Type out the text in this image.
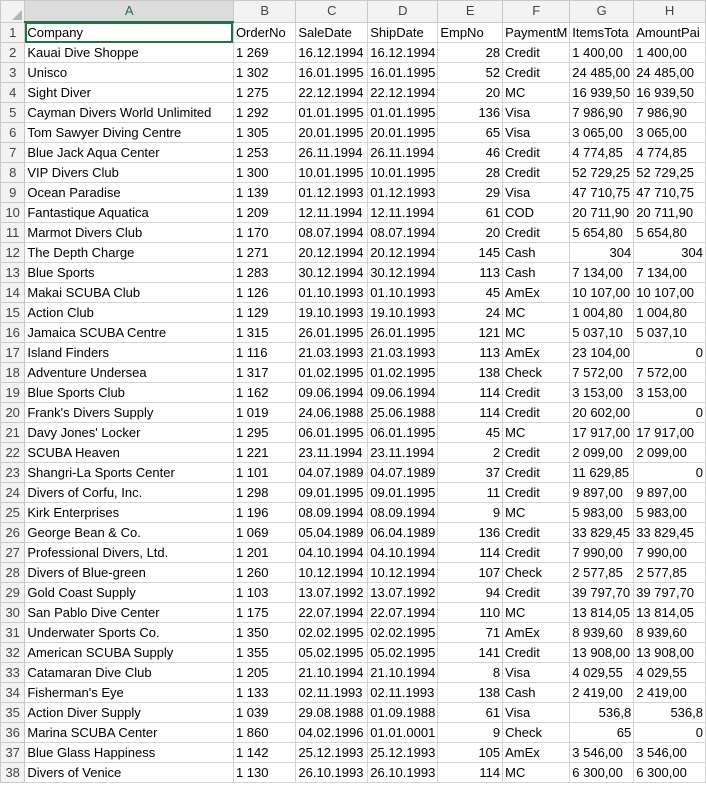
	A	B	C	D	E	F	G	H
1	Company	OrderNo	SaleDate	ShipDate	EmpNo	PaymentM	ItemsTota	AmountPai
2	Kauai Dive Shoppe	1 269	16.12.1994	16.12.1994	28	Credit	1 400,00	1 400,00
3	Unisco	1 302	16.01.1995	16.01.1995	52	Credit	24 485,00	24 485,00
4	Sight Diver	1 275	22.12.1994	22.12.1994	20	MC	16 939,50	16 939,50
5	Cayman Divers World Unlimited	1 292	01.01.1995	01.01.1995	136	Visa	7 986,90	7 986,90
6	Tom Sawyer Diving Centre	1 305	20.01.1995	20.01.1995	65	Visa	3 065,00	3 065,00
7	Blue Jack Aqua Center	1 253	26.11.1994	26.11.1994	46	Credit	4 774,85	4 774,85
8	VIP Divers Club	1 300	10.01.1995	10.01.1995	28	Credit	52 729,25	52 729,25
9	Ocean Paradise	1 139	01.12.1993	01.12.1993	29	Visa	47 710,75	47 710,75
10	Fantastique Aquatica	1 209	12.11.1994	12.11.1994	61	COD	20 711,90	20 711,90
11	Marmot Divers Club	1 170	08.07.1994	08.07.1994	20	Credit	5 654,80	5 654,80
12	The Depth Charge	1 271	20.12.1994	20.12.1994	145	Cash	304	304
13	Blue Sports	1 283	30.12.1994	30.12.1994	113	Cash	7 134,00	7 134,00
14	Makai SCUBA Club	1 126	01.10.1993	01.10.1993	45	AmEx	10 107,00	10 107,00
15	Action Club	1 129	19.10.1993	19.10.1993	24	MC	1 004,80	1 004,80
16	Jamaica SCUBA Centre	1 315	26.01.1995	26.01.1995	121	MC	5 037,10	5 037,10
17	Island Finders	1 116	21.03.1993	21.03.1993	113	AmEx	23 104,00	0
18	Adventure Undersea	1 317	01.02.1995	01.02.1995	138	Check	7 572,00	7 572,00
19	Blue Sports Club	1 162	09.06.1994	09.06.1994	114	Credit	3 153,00	3 153,00
20	Frank's Divers Supply	1 019	24.06.1988	25.06.1988	114	Credit	20 602,00	0
21	Davy Jones' Locker	1 295	06.01.1995	06.01.1995	45	MC	17 917,00	17 917,00
22	SCUBA Heaven	1 221	23.11.1994	23.11.1994	2	Credit	2 099,00	2 099,00
23	Shangri-La Sports Center	1 101	04.07.1989	04.07.1989	37	Credit	11 629,85	0
24	Divers of Corfu, Inc.	1 298	09.01.1995	09.01.1995	11	Credit	9 897,00	9 897,00
25	Kirk Enterprises	1 196	08.09.1994	08.09.1994	9	MC	5 983,00	5 983,00
26	George Bean & Co.	1 069	05.04.1989	06.04.1989	136	Credit	33 829,45	33 829,45
27	Professional Divers, Ltd.	1 201	04.10.1994	04.10.1994	114	Credit	7 990,00	7 990,00
28	Divers of Blue-green	1 260	10.12.1994	10.12.1994	107	Check	2 577,85	2 577,85
29	Gold Coast Supply	1 103	13.07.1992	13.07.1992	94	Credit	39 797,70	39 797,70
30	San Pablo Dive Center	1 175	22.07.1994	22.07.1994	110	MC	13 814,05	13 814,05
31	Underwater Sports Co.	1 350	02.02.1995	02.02.1995	71	AmEx	8 939,60	8 939,60
32	American SCUBA Supply	1 355	05.02.1995	05.02.1995	141	Credit	13 908,00	13 908,00
33	Catamaran Dive Club	1 205	21.10.1994	21.10.1994	8	Visa	4 029,55	4 029,55
34	Fisherman's Eye	1 133	02.11.1993	02.11.1993	138	Cash	2 419,00	2 419,00
35	Action Diver Supply	1 039	29.08.1988	01.09.1988	61	Visa	536,8	536,8
36	Marina SCUBA Center	1 860	04.02.1996	01.01.0001	9	Check	65	0
37	Blue Glass Happiness	1 142	25.12.1993	25.12.1993	105	AmEx	3 546,00	3 546,00
38	Divers of Venice	1 130	26.10.1993	26.10.1993	114	MC	6 300,00	6 300,00
